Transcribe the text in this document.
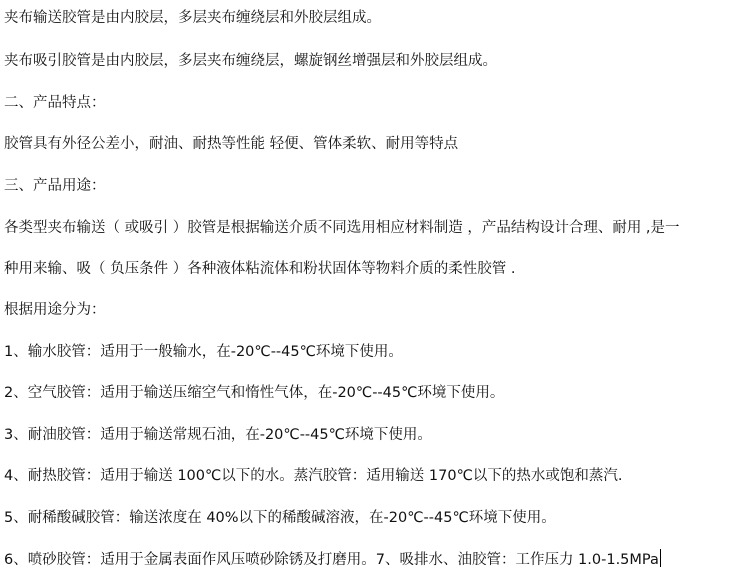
夹布输送胶管是由内胶层，多层夹布缠绕层和外胶层组成。
夹布吸引胶管是由内胶层，多层夹布缠绕层，螺旋钢丝增强层和外胶层组成。
二、产品特点：
胶管具有外径公差小，耐油、耐热等性能 轻便、管体柔软、耐用等特点
三、产品用途：
各类型夹布输送（ 或吸引 ）胶管是根据输送介质不同选用相应材料制造 ，产品结构设计合理、耐用 ,是一
种用来输、吸（ 负压条件 ）各种液体粘流体和粉状固体等物料介质的柔性胶管 .
根据用途分为：
1、输水胶管：适用于一般输水，在-20℃--45℃环境下使用。
2、空气胶管：适用于输送压缩空气和惰性气体，在-20℃--45℃环境下使用。
3、耐油胶管：适用于输送常规石油，在-20℃--45℃环境下使用。
4、耐热胶管：适用于输送 100℃以下的水。蒸汽胶管：适用输送 170℃以下的热水或饱和蒸汽.
5、耐稀酸碱胶管：输送浓度在 40%以下的稀酸碱溶液，在-20℃--45℃环境下使用。
6、喷砂胶管：适用于金属表面作风压喷砂除锈及打磨用。7、吸排水、油胶管：工作压力 1.0-1.5MPa
